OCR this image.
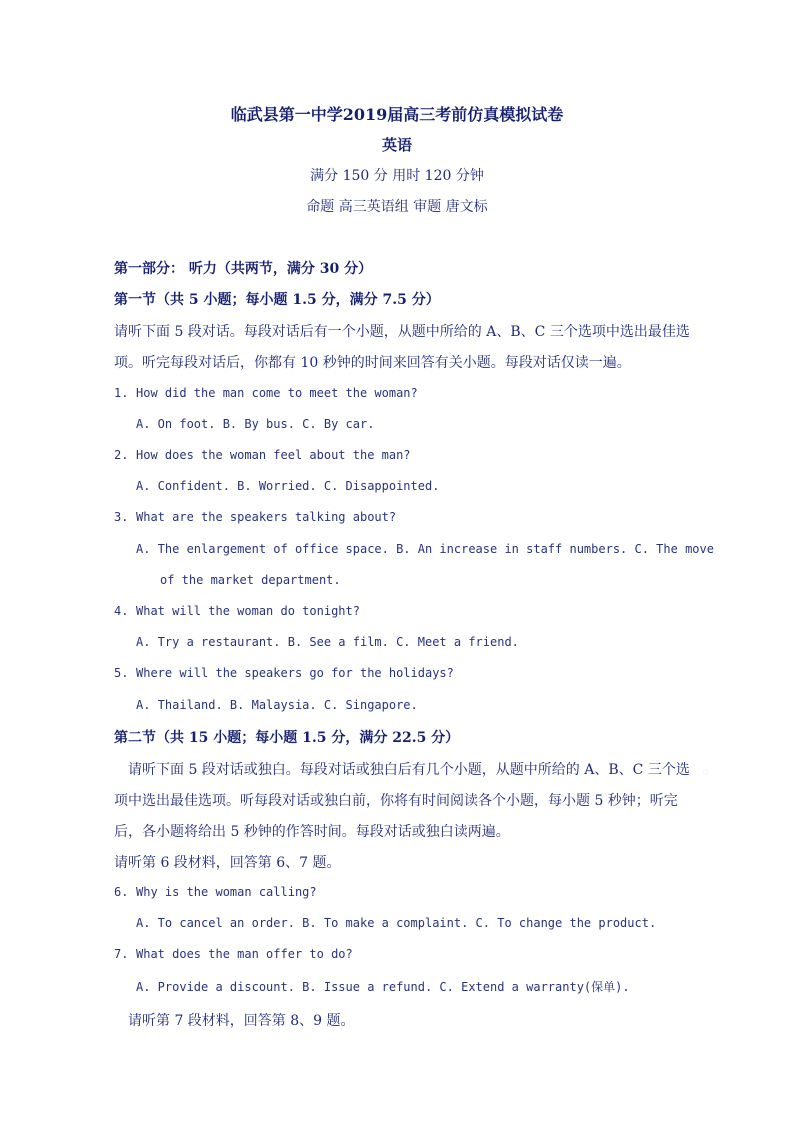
临武县第一中学2019届高三考前仿真模拟试卷
英语
满分 150 分 用时 120 分钟
命题 高三英语组 审题 唐文标
第一部分： 听力（共两节，满分 30 分）
第一节（共 5 小题；每小题 1.5 分，满分 7.5 分）
请听下面 5 段对话。每段对话后有一个小题，从题中所给的 A、B、C 三个选项中选出最佳选
项。听完每段对话后，你都有 10 秒钟的时间来回答有关小题。每段对话仅读一遍。
1. How did the man come to meet the woman?
A. On foot. B. By bus. C. By car.
2. How does the woman feel about the man?
A. Confident. B. Worried. C. Disappointed.
3. What are the speakers talking about?
A. The enlargement of office space. B. An increase in staff numbers. C. The move
of the market department.
4. What will the woman do tonight?
A. Try a restaurant. B. See a film. C. Meet a friend.
5. Where will the speakers go for the holidays?
A. Thailand. B. Malaysia. C. Singapore.
第二节（共 15 小题；每小题 1.5 分，满分 22.5 分）
请听下面 5 段对话或独白。每段对话或独白后有几个小题，从题中所给的 A、B、C 三个选
项中选出最佳选项。听每段对话或独白前，你将有时间阅读各个小题，每小题 5 秒钟；听完
后，各小题将给出 5 秒钟的作答时间。每段对话或独白读两遍。
请听第 6 段材料，回答第 6、7 题。
6. Why is the woman calling?
A. To cancel an order. B. To make a complaint. C. To change the product.
7. What does the man offer to do?
A. Provide a discount. B. Issue a refund. C. Extend a warranty(保单).
请听第 7 段材料，回答第 8、9 题。
◦
